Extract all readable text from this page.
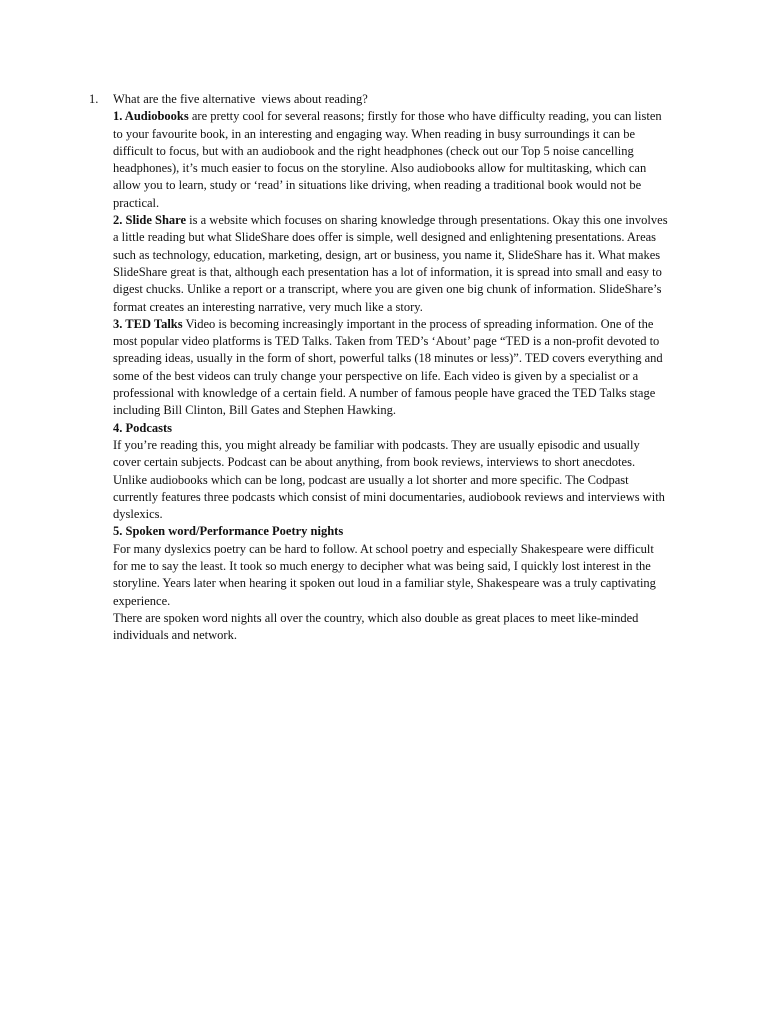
1.	What are the five alternative  views about reading?

1. Audiobooks are pretty cool for several reasons; firstly for those who have difficulty reading, you can listen to your favourite book, in an interesting and engaging way. When reading in busy surroundings it can be difficult to focus, but with an audiobook and the right headphones (check out our Top 5 noise cancelling headphones), it’s much easier to focus on the storyline. Also audiobooks allow for multitasking, which can allow you to learn, study or ‘read’ in situations like driving, when reading a traditional book would not be practical.

2. Slide Share is a website which focuses on sharing knowledge through presentations. Okay this one involves a little reading but what SlideShare does offer is simple, well designed and enlightening presentations. Areas such as technology, education, marketing, design, art or business, you name it, SlideShare has it. What makes SlideShare great is that, although each presentation has a lot of information, it is spread into small and easy to digest chucks. Unlike a report or a transcript, where you are given one big chunk of information. SlideShare’s format creates an interesting narrative, very much like a story.

3. TED Talks Video is becoming increasingly important in the process of spreading information. One of the most popular video platforms is TED Talks. Taken from TED’s ‘About’ page “TED is a non-profit devoted to spreading ideas, usually in the form of short, powerful talks (18 minutes or less)”. TED covers everything and some of the best videos can truly change your perspective on life. Each video is given by a specialist or a professional with knowledge of a certain field. A number of famous people have graced the TED Talks stage including Bill Clinton, Bill Gates and Stephen Hawking.

4. Podcasts

If you’re reading this, you might already be familiar with podcasts. They are usually episodic and usually cover certain subjects. Podcast can be about anything, from book reviews, interviews to short anecdotes. Unlike audiobooks which can be long, podcast are usually a lot shorter and more specific. The Codpast currently features three podcasts which consist of mini documentaries, audiobook reviews and interviews with dyslexics.

5. Spoken word/Performance Poetry nights

For many dyslexics poetry can be hard to follow. At school poetry and especially Shakespeare were difficult for me to say the least. It took so much energy to decipher what was being said, I quickly lost interest in the storyline. Years later when hearing it spoken out loud in a familiar style, Shakespeare was a truly captivating experience.

There are spoken word nights all over the country, which also double as great places to meet like-minded individuals and network.
